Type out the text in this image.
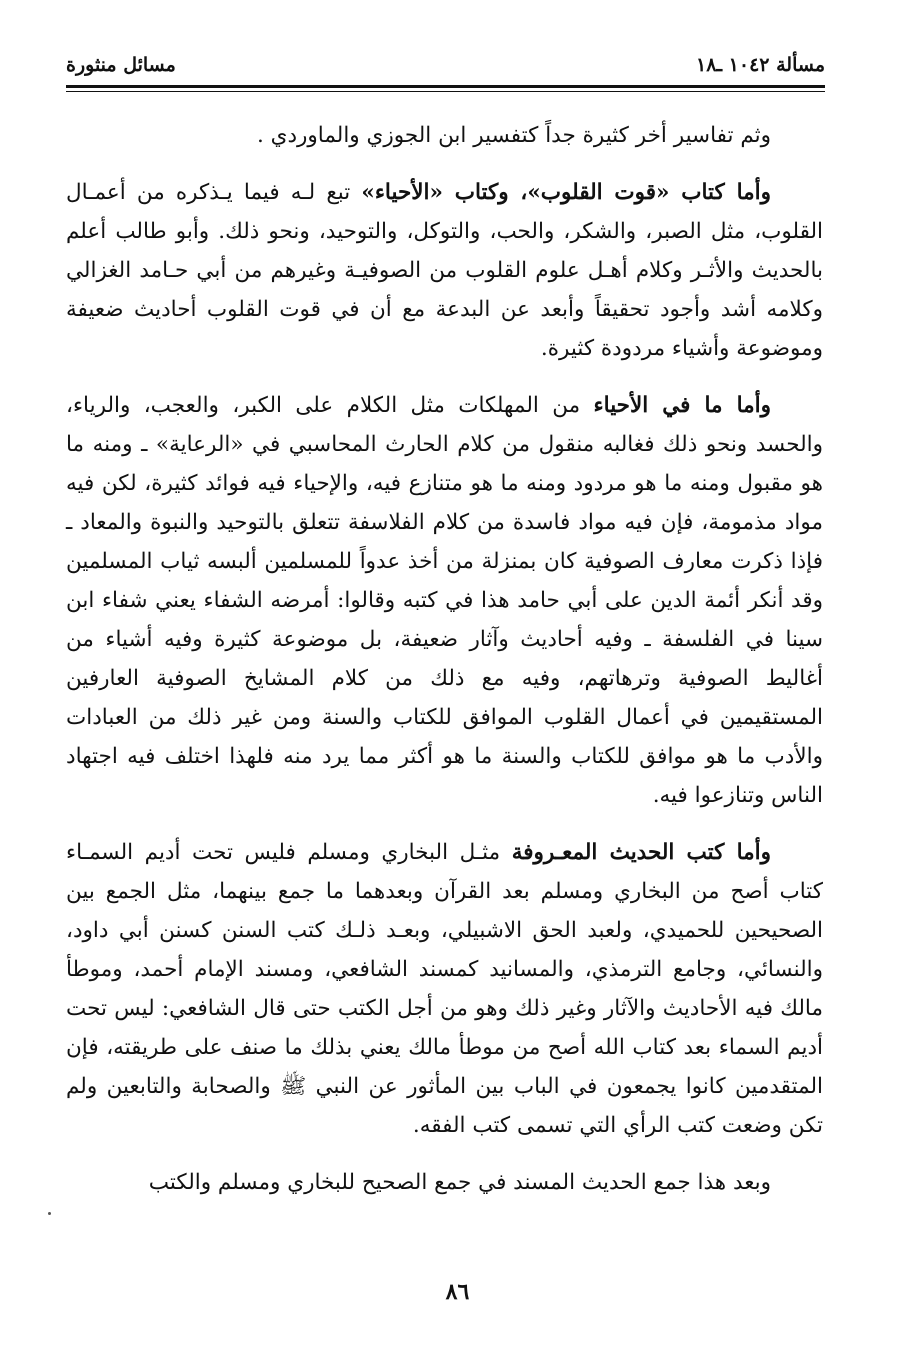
مسألة ١٠٤٢ ـ١٨
مسائل منثورة

وثم تفاسير أخر كثيرة جداً كتفسير ابن الجوزي والماوردي .

وأما كتاب «قوت القلوب»، وكتاب «الأحياء» تبع لـه فيما يـذكره من أعمـال القلوب، مثل الصبر، والشكر، والحب، والتوكل، والتوحيد، ونحو ذلك. وأبو طالب أعلم بالحديث والأثـر وكلام أهـل علوم القلوب من الصوفيـة وغيرهم من أبي حـامد الغزالي وكلامه أشد وأجود تحقيقاً وأبعد عن البدعة مع أن في قوت القلوب أحاديث ضعيفة وموضوعة وأشياء مردودة كثيرة.

وأما ما في الأحياء من المهلكات مثل الكلام على الكبر، والعجب، والرياء، والحسد ونحو ذلك فغالبه منقول من كلام الحارث المحاسبي في «الرعاية» ـ ومنه ما هو مقبول ومنه ما هو مردود ومنه ما هو متنازع فيه، والإحياء فيه فوائد كثيرة، لكن فيه مواد مذمومة، فإن فيه مواد فاسدة من كلام الفلاسفة تتعلق بالتوحيد والنبوة والمعاد ـ فإذا ذكرت معارف الصوفية كان بمنزلة من أخذ عدواً للمسلمين ألبسه ثياب المسلمين وقد أنكر أئمة الدين على أبي حامد هذا في كتبه وقالوا: أمرضه الشفاء يعني شفاء ابن سينا في الفلسفة ـ وفيه أحاديث وآثار ضعيفة، بل موضوعة كثيرة وفيه أشياء من أغاليط الصوفية وترهاتهم، وفيه مع ذلك من كلام المشايخ الصوفية العارفين المستقيمين في أعمال القلوب الموافق للكتاب والسنة ومن غير ذلك من العبادات والأدب ما هو موافق للكتاب والسنة ما هو أكثر مما يرد منه فلهذا اختلف فيه اجتهاد الناس وتنازعوا فيه.

وأما كتب الحديث المعـروفة مثـل البخاري ومسلم فليس تحت أديم السمـاء كتاب أصح من البخاري ومسلم بعد القرآن وبعدهما ما جمع بينهما، مثل الجمع بين الصحيحين للحميدي، ولعبد الحق الاشبيلي، وبعـد ذلـك كتب السنن كسنن أبي داود، والنسائي، وجامع الترمذي، والمسانيد كمسند الشافعي، ومسند الإمام أحمد، وموطأ مالك فيه الأحاديث والآثار وغير ذلك وهو من أجل الكتب حتى قال الشافعي: ليس تحت أديم السماء بعد كتاب الله أصح من موطأ مالك يعني بذلك ما صنف على طريقته، فإن المتقدمين كانوا يجمعون في الباب بين المأثور عن النبي ﷺ والصحابة والتابعين ولم تكن وضعت كتب الرأي التي تسمى كتب الفقه.

وبعد هذا جمع الحديث المسند في جمع الصحيح للبخاري ومسلم والكتب

٨٦
